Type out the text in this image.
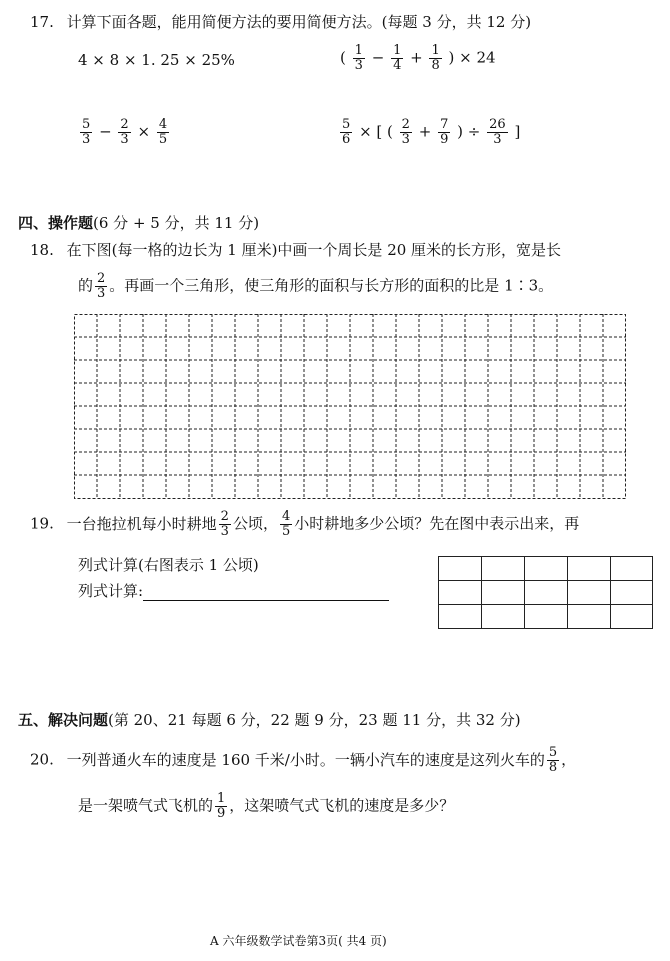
17. 计算下面各题，能用简便方法的要用简便方法。(每题 3 分，共 12 分)
4 × 8 × 1. 25 × 25%	( $\frac{1}{3} - \frac{1}{4} + \frac{1}{8}$ ) × 24
$\frac{5}{3} - \frac{2}{3} \times \frac{4}{5}$	$\frac{5}{6}$ × [ ( $\frac{2}{3} + \frac{7}{9}$ ) ÷ $\frac{26}{3}$ ]
四、操作题(6 分 + 5 分，共 11 分)
18. 在下图(每一格的边长为 1 厘米)中画一个周长是 20 厘米的长方形，宽是长
的 $\frac{2}{3}$ 。再画一个三角形，使三角形的面积与长方形的面积的比是 1∶3。
19. 一台拖拉机每小时耕地 $\frac{2}{3}$ 公顷， $\frac{4}{5}$ 小时耕地多少公顷？先在图中表示出来，再
列式计算(右图表示 1 公顷)
列式计算:
五、解决问题(第 20、21 每题 6 分，22 题 9 分，23 题 11 分，共 32 分)
20. 一列普通火车的速度是 160 千米/小时。一辆小汽车的速度是这列火车的 $\frac{5}{8}$ ，
是一架喷气式飞机的 $\frac{1}{9}$ ，这架喷气式飞机的速度是多少？
A 六年级数学试卷第3页( 共4 页)
